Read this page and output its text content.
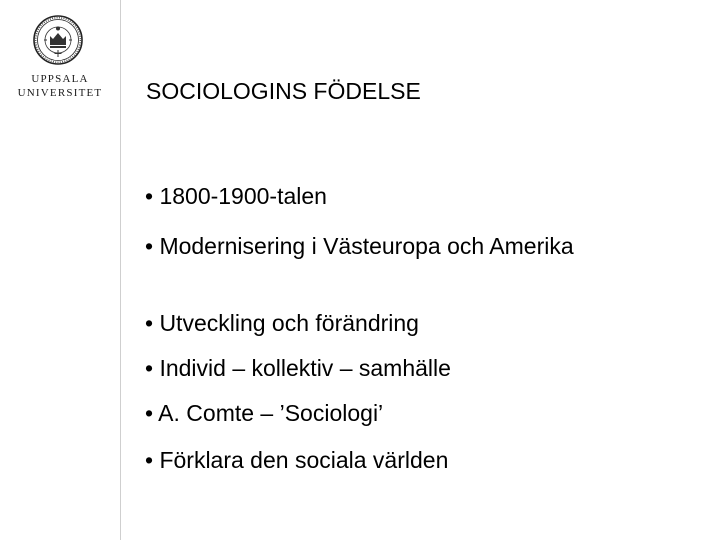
UPPSALA
UNIVERSITET	SOCIOLOGINS FÖDELSE
• 1800-1900-talen
• Modernisering i Västeuropa och Amerika
• Utveckling och förändring
• Individ – kollektiv – samhälle
• A. Comte – ’Sociologi’
• Förklara den sociala världen
